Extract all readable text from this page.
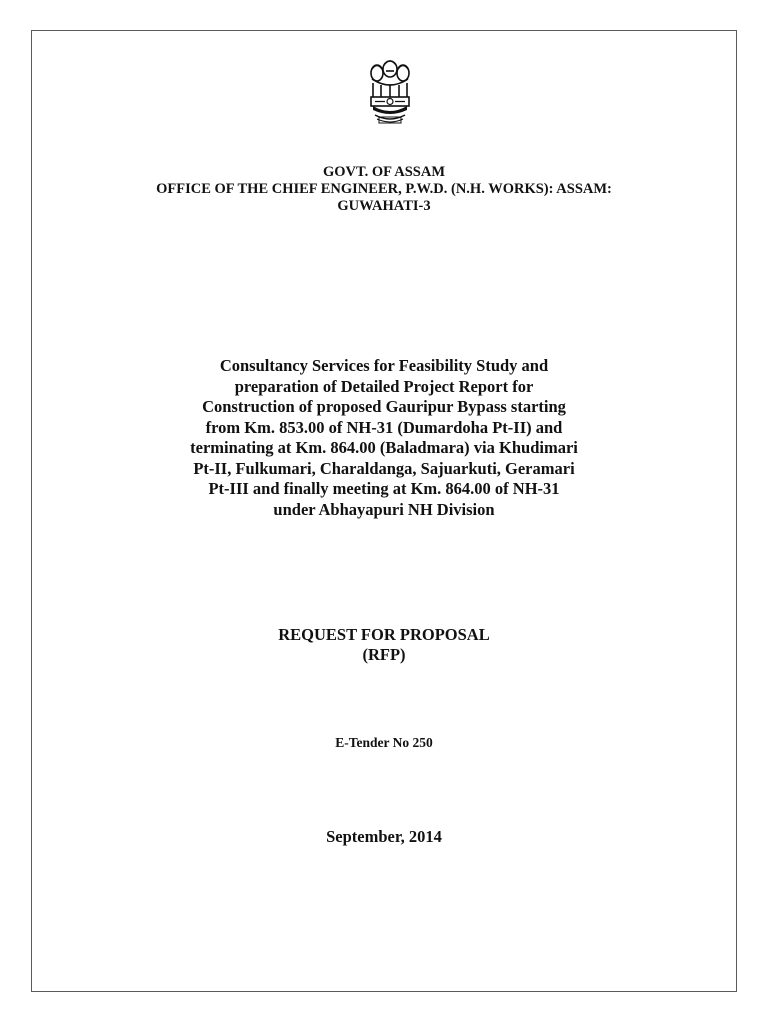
GOVT. OF ASSAM
OFFICE OF THE CHIEF ENGINEER, P.W.D. (N.H. WORKS): ASSAM:
GUWAHATI-3
Consultancy Services for Feasibility Study and
preparation of Detailed Project Report for
Construction of proposed Gauripur Bypass starting
from Km. 853.00 of NH-31 (Dumardoha Pt-II) and
terminating at Km. 864.00 (Baladmara) via Khudimari
Pt-II, Fulkumari, Charaldanga, Sajuarkuti, Geramari
Pt-III and finally meeting at Km. 864.00 of NH-31
under Abhayapuri NH Division
REQUEST FOR PROPOSAL
(RFP)
E-Tender No 250
September, 2014
